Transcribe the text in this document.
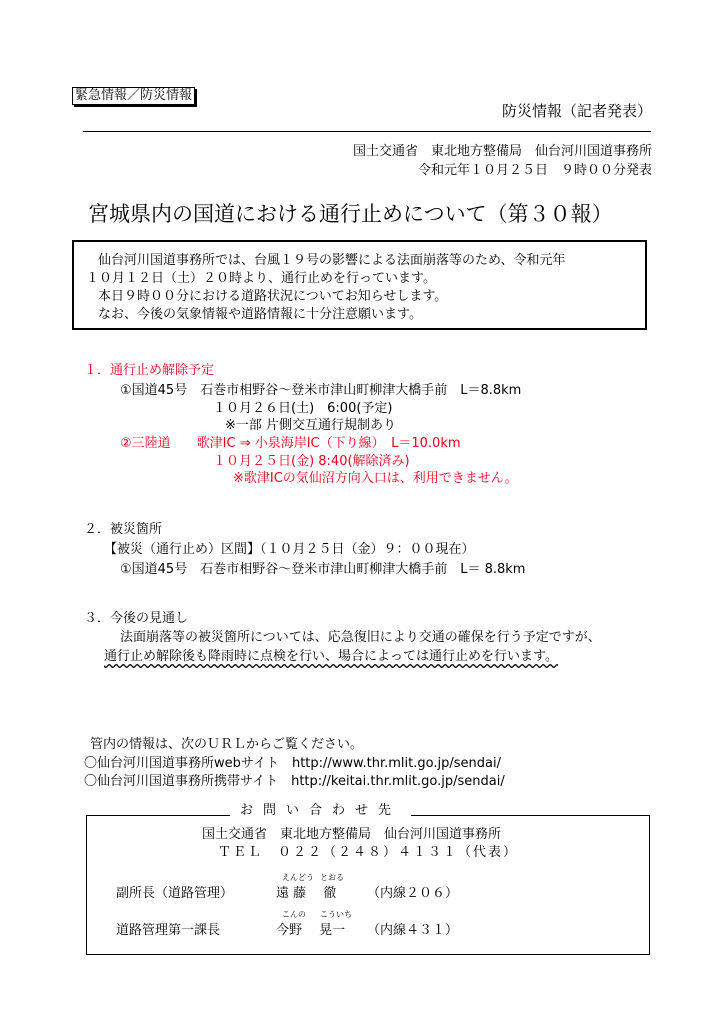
緊急情報／防災情報
防災情報（記者発表）
国土交通省　東北地方整備局　仙台河川国道事務所
令和元年１０月２５日　９時００分発表
宮城県内の国道における通行止めについて（第３０報）
仙台河川国道事務所では、台風１９号の影響による法面崩落等のため、令和元年
１０月１２日（土）２０時より、通行止めを行っています。
本日９時００分における道路状況についてお知らせします。
なお、今後の気象情報や道路情報に十分注意願います。
１．通行止め解除予定
①国道45号　石巻市相野谷～登米市津山町柳津大橋手前　L＝8.8km
１０月２６日(土)　6:00(予定)
※一部 片側交互通行規制あり
②三陸道　　歌津IC ⇒ 小泉海岸IC（下り線）　L＝10.0km
１０月２５日(金) 8:40(解除済み)
※歌津ICの気仙沼方向入口は、利用できません。
２．被災箇所
【被災（通行止め）区間】（１０月２５日（金）９：００現在）
①国道45号　石巻市相野谷～登米市津山町柳津大橋手前　L＝ 8.8km
３．今後の見通し
法面崩落等の被災箇所については、応急復旧により交通の確保を行う予定ですが、
通行止め解除後も降雨時に点検を行い、場合によっては通行止めを行います。
管内の情報は、次のＵＲＬからご覧ください。
〇仙台河川国道事務所webサイト　http://www.thr.mlit.go.jp/sendai/
〇仙台河川国道事務所携帯サイト　http://keitai.thr.mlit.go.jp/sendai/
お問い合わせ先
国土交通省　東北地方整備局　仙台河川国道事務所
ＴＥＬ　０２２（２４８）４１３１（代表）
えんどう とおる
副所長（道路管理）	遠 藤　 徹 （内線２０６）
こんの こういち
道路管理第一課長	今野　 晃一 （内線４３１）
